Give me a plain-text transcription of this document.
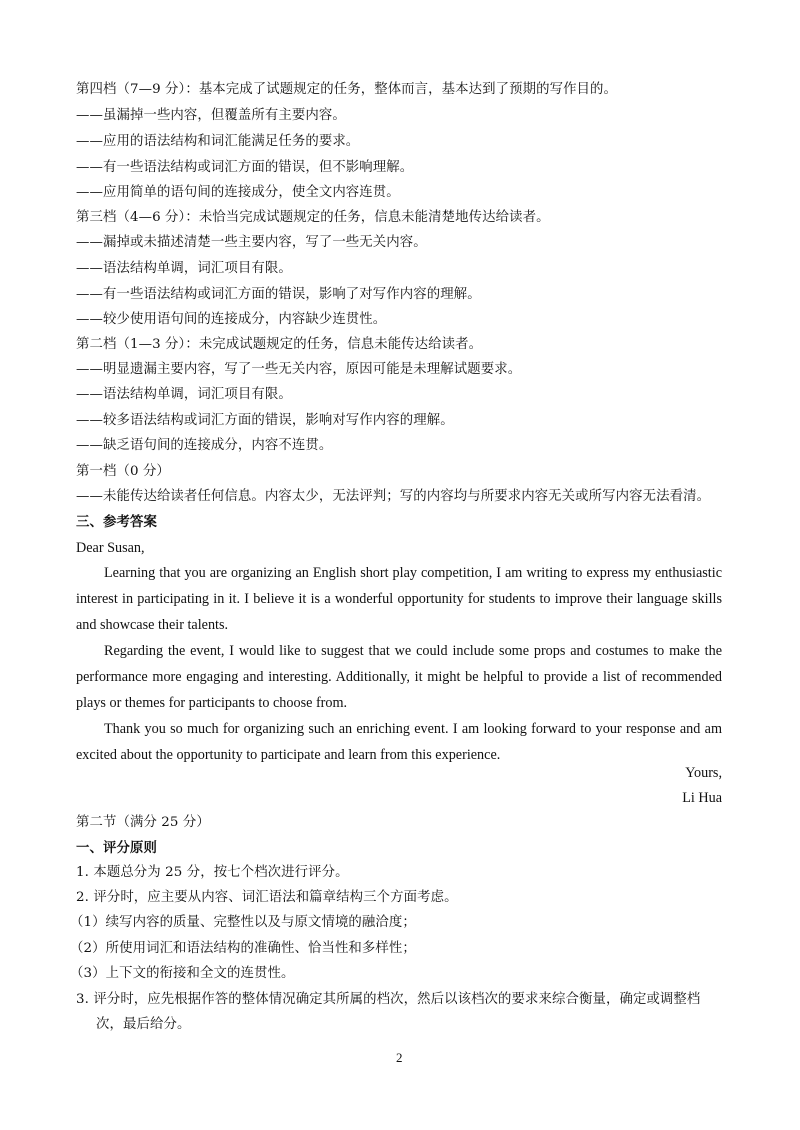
第四档（7—9 分）：基本完成了试题规定的任务，整体而言，基本达到了预期的写作目的。
——虽漏掉一些内容，但覆盖所有主要内容。
——应用的语法结构和词汇能满足任务的要求。
——有一些语法结构或词汇方面的错误，但不影响理解。
——应用简单的语句间的连接成分，使全文内容连贯。
第三档（4—6 分）：未恰当完成试题规定的任务，信息未能清楚地传达给读者。
——漏掉或未描述清楚一些主要内容，写了一些无关内容。
——语法结构单调，词汇项目有限。
——有一些语法结构或词汇方面的错误，影响了对写作内容的理解。
——较少使用语句间的连接成分，内容缺少连贯性。
第二档（1—3 分）：未完成试题规定的任务，信息未能传达给读者。
——明显遗漏主要内容，写了一些无关内容，原因可能是未理解试题要求。
——语法结构单调，词汇项目有限。
——较多语法结构或词汇方面的错误，影响对写作内容的理解。
——缺乏语句间的连接成分，内容不连贯。
第一档（0 分）
——未能传达给读者任何信息。内容太少，无法评判；写的内容均与所要求内容无关或所写内容无法看清。
三、参考答案
Dear Susan,

Learning that you are organizing an English short play competition, I am writing to express my enthusiastic interest in participating in it. I believe it is a wonderful opportunity for students to improve their language skills and showcase their talents.

Regarding the event, I would like to suggest that we could include some props and costumes to make the performance more engaging and interesting. Additionally, it might be helpful to provide a list of recommended plays or themes for participants to choose from.

Thank you so much for organizing such an enriching event. I am looking forward to your response and am excited about the opportunity to participate and learn from this experience.

Yours,
Li Hua
第二节（满分 25 分）
一、评分原则
1. 本题总分为 25 分，按七个档次进行评分。
2. 评分时，应主要从内容、词汇语法和篇章结构三个方面考虑。
（1）续写内容的质量、完整性以及与原文情境的融洽度；
（2）所使用词汇和语法结构的准确性、恰当性和多样性；
（3）上下文的衔接和全文的连贯性。
3. 评分时，应先根据作答的整体情况确定其所属的档次，然后以该档次的要求来综合衡量，确定或调整档
次，最后给分。
2
